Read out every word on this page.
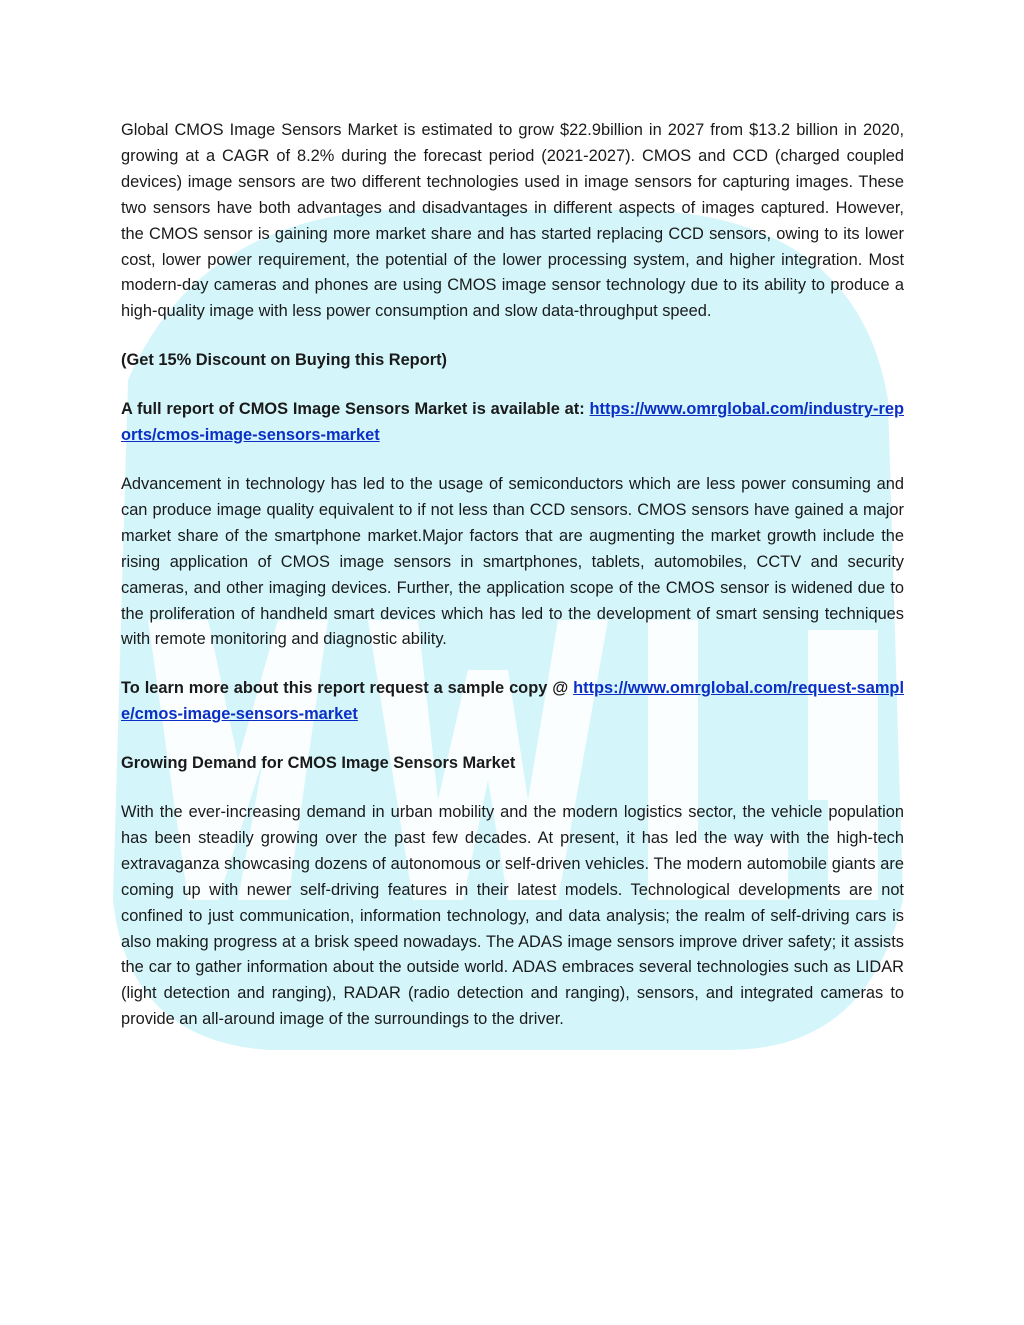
Global CMOS Image Sensors Market is estimated to grow $22.9billion in 2027 from $13.2 billion in 2020, growing at a CAGR of 8.2% during the forecast period (2021-2027). CMOS and CCD (charged coupled devices) image sensors are two different technologies used in image sensors for capturing images. These two sensors have both advantages and disadvantages in different aspects of images captured. However, the CMOS sensor is gaining more market share and has started replacing CCD sensors, owing to its lower cost, lower power requirement, the potential of the lower processing system, and higher integration. Most modern-day cameras and phones are using CMOS image sensor technology due to its ability to produce a high-quality image with less power consumption and slow data-throughput speed.

(Get 15% Discount on Buying this Report)

A full report of CMOS Image Sensors Market is available at: https://www.omrglobal.com/industry-reports/cmos-image-sensors-market

Advancement in technology has led to the usage of semiconductors which are less power consuming and can produce image quality equivalent to if not less than CCD sensors. CMOS sensors have gained a major market share of the smartphone market.Major factors that are augmenting the market growth include the rising application of CMOS image sensors in smartphones, tablets, automobiles, CCTV and security cameras, and other imaging devices. Further, the application scope of the CMOS sensor is widened due to the proliferation of handheld smart devices which has led to the development of smart sensing techniques with remote monitoring and diagnostic ability.

To learn more about this report request a sample copy @ https://www.omrglobal.com/request-sample/cmos-image-sensors-market

Growing Demand for CMOS Image Sensors Market

With the ever-increasing demand in urban mobility and the modern logistics sector, the vehicle population has been steadily growing over the past few decades. At present, it has led the way with the high-tech extravaganza showcasing dozens of autonomous or self-driven vehicles. The modern automobile giants are coming up with newer self-driving features in their latest models. Technological developments are not confined to just communication, information technology, and data analysis; the realm of self-driving cars is also making progress at a brisk speed nowadays. The ADAS image sensors improve driver safety; it assists the car to gather information about the outside world. ADAS embraces several technologies such as LIDAR (light detection and ranging), RADAR (radio detection and ranging), sensors, and integrated cameras to provide an all-around image of the surroundings to the driver.
